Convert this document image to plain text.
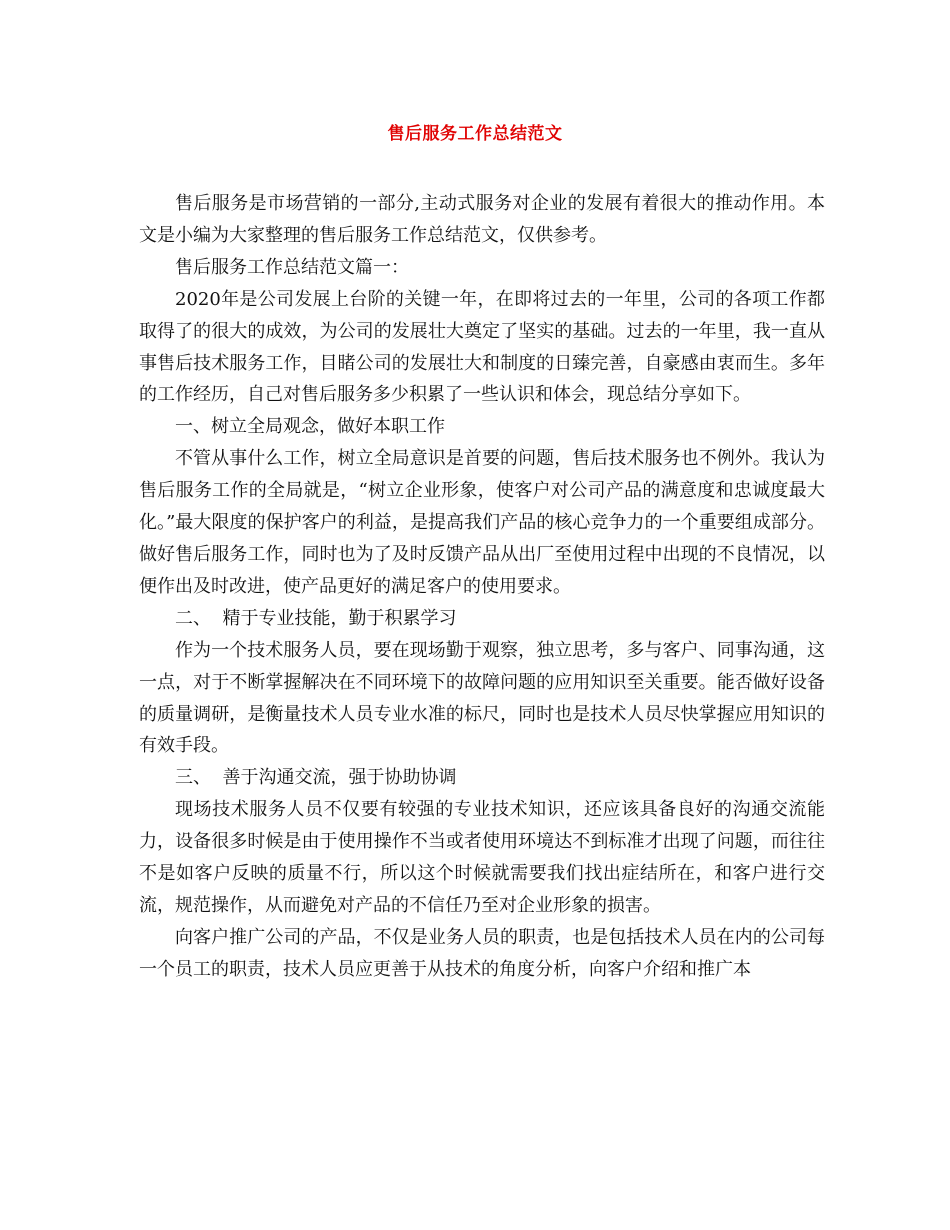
售后服务工作总结范文

售后服务是市场营销的一部分,主动式服务对企业的发展有着很大的推动作用。本文是小编为大家整理的售后服务工作总结范文，仅供参考。

售后服务工作总结范文篇一：

2020年是公司发展上台阶的关键一年，在即将过去的一年里，公司的各项工作都取得了的很大的成效，为公司的发展壮大奠定了坚实的基础。过去的一年里，我一直从事售后技术服务工作，目睹公司的发展壮大和制度的日臻完善，自豪感由衷而生。多年的工作经历，自己对售后服务多少积累了一些认识和体会，现总结分享如下。

一、树立全局观念，做好本职工作

不管从事什么工作，树立全局意识是首要的问题，售后技术服务也不例外。我认为售后服务工作的全局就是，“树立企业形象，使客户对公司产品的满意度和忠诚度最大化。”最大限度的保护客户的利益，是提高我们产品的核心竞争力的一个重要组成部分。做好售后服务工作，同时也为了及时反馈产品从出厂至使用过程中出现的不良情况，以便作出及时改进，使产品更好的满足客户的使用要求。

二、  精于专业技能，勤于积累学习

作为一个技术服务人员，要在现场勤于观察，独立思考，多与客户、同事沟通，这一点，对于不断掌握解决在不同环境下的故障问题的应用知识至关重要。能否做好设备的质量调研，是衡量技术人员专业水准的标尺，同时也是技术人员尽快掌握应用知识的有效手段。

三、  善于沟通交流，强于协助协调

现场技术服务人员不仅要有较强的专业技术知识，还应该具备良好的沟通交流能力，设备很多时候是由于使用操作不当或者使用环境达不到标准才出现了问题，而往往不是如客户反映的质量不行，所以这个时候就需要我们找出症结所在，和客户进行交流，规范操作，从而避免对产品的不信任乃至对企业形象的损害。

向客户推广公司的产品，不仅是业务人员的职责，也是包括技术人员在内的公司每一个员工的职责，技术人员应更善于从技术的角度分析，向客户介绍和推广本
